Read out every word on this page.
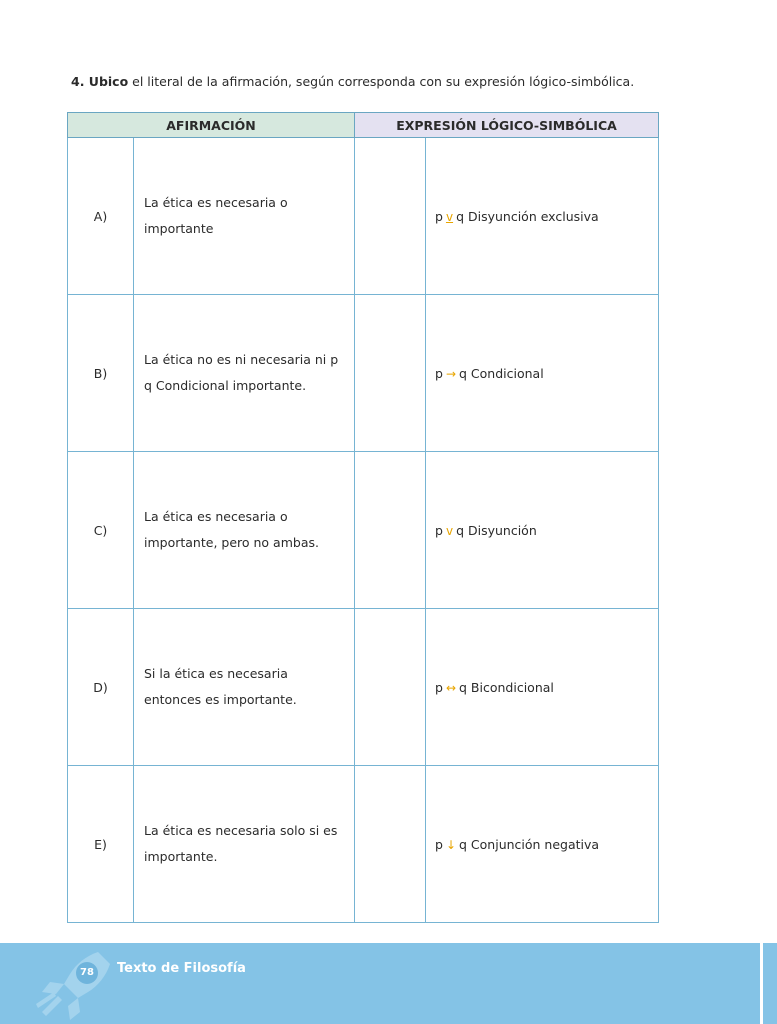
4. Ubico el literal de la afirmación, según corresponda con su expresión lógico-simbólica.
AFIRMACIÓN		EXPRESIÓN LÓGICO-SIMBÓLICA	
A)	La ética es necesaria o importante		p v q Disyunción exclusiva
B)	La ética no es ni necesaria ni p q Condicional importante.		p → q Condicional
C)	La ética es necesaria o importante, pero no ambas.		p v q Disyunción
D)	Si la ética es necesaria entonces es importante.		p ↔ q Bicondicional
E)	La ética es necesaria solo si es importante.		p ↓ q Conjunción negativa
78	Texto de Filosofía
